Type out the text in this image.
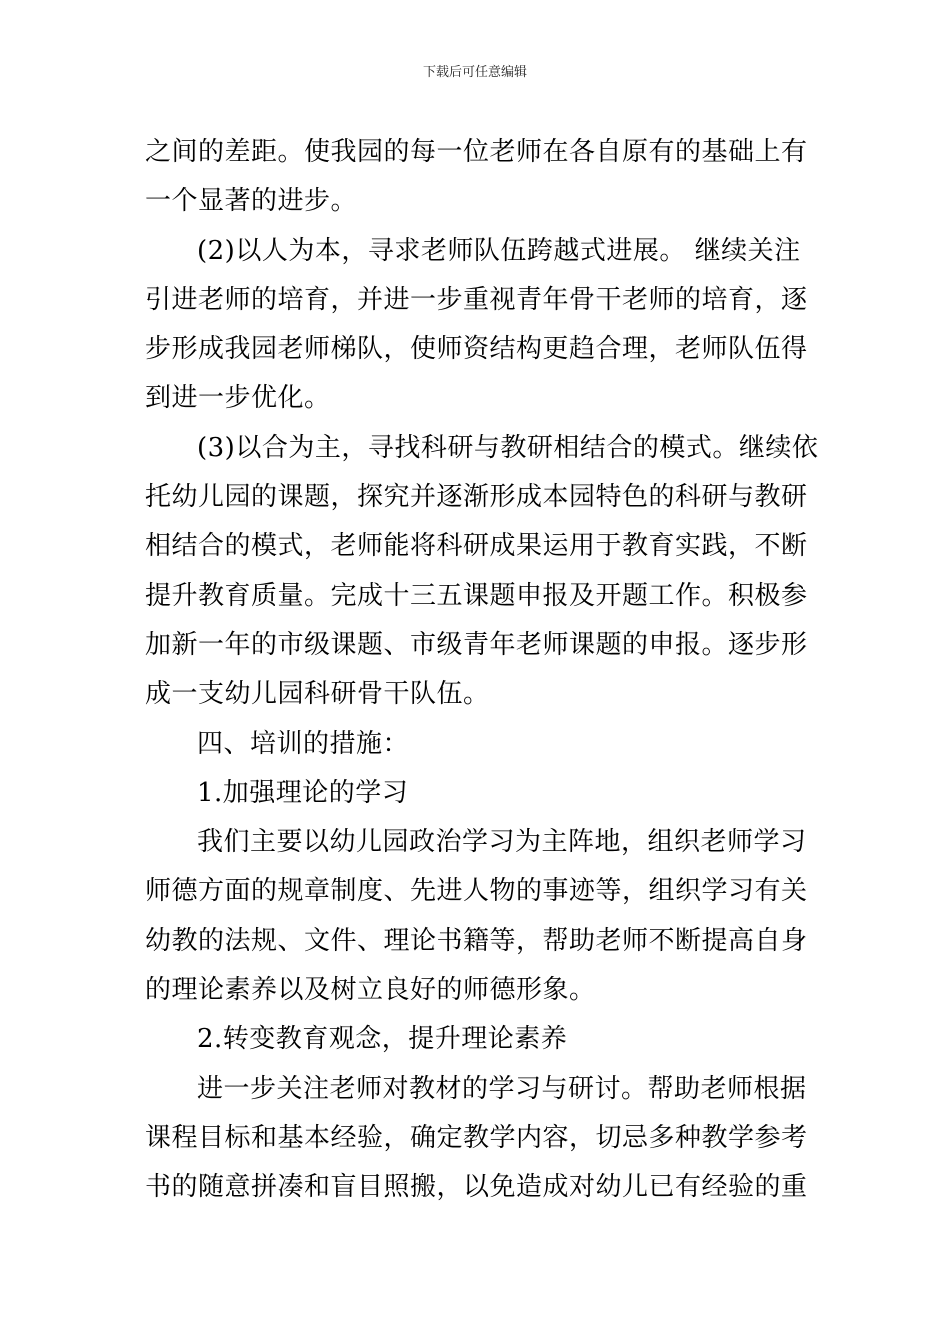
下载后可任意编辑
之间的差距。使我园的每一位老师在各自原有的基础上有
一个显著的进步。
(2)以人为本，寻求老师队伍跨越式进展。 继续关注
引进老师的培育，并进一步重视青年骨干老师的培育，逐
步形成我园老师梯队，使师资结构更趋合理，老师队伍得
到进一步优化。
(3)以合为主，寻找科研与教研相结合的模式。继续依
托幼儿园的课题，探究并逐渐形成本园特色的科研与教研
相结合的模式，老师能将科研成果运用于教育实践，不断
提升教育质量。完成十三五课题申报及开题工作。积极参
加新一年的市级课题、市级青年老师课题的申报。逐步形
成一支幼儿园科研骨干队伍。
四、培训的措施：
1.加强理论的学习
我们主要以幼儿园政治学习为主阵地，组织老师学习
师德方面的规章制度、先进人物的事迹等，组织学习有关
幼教的法规、文件、理论书籍等，帮助老师不断提高自身
的理论素养以及树立良好的师德形象。
2.转变教育观念，提升理论素养
进一步关注老师对教材的学习与研讨。帮助老师根据
课程目标和基本经验，确定教学内容，切忌多种教学参考
书的随意拼凑和盲目照搬，以免造成对幼儿已有经验的重
